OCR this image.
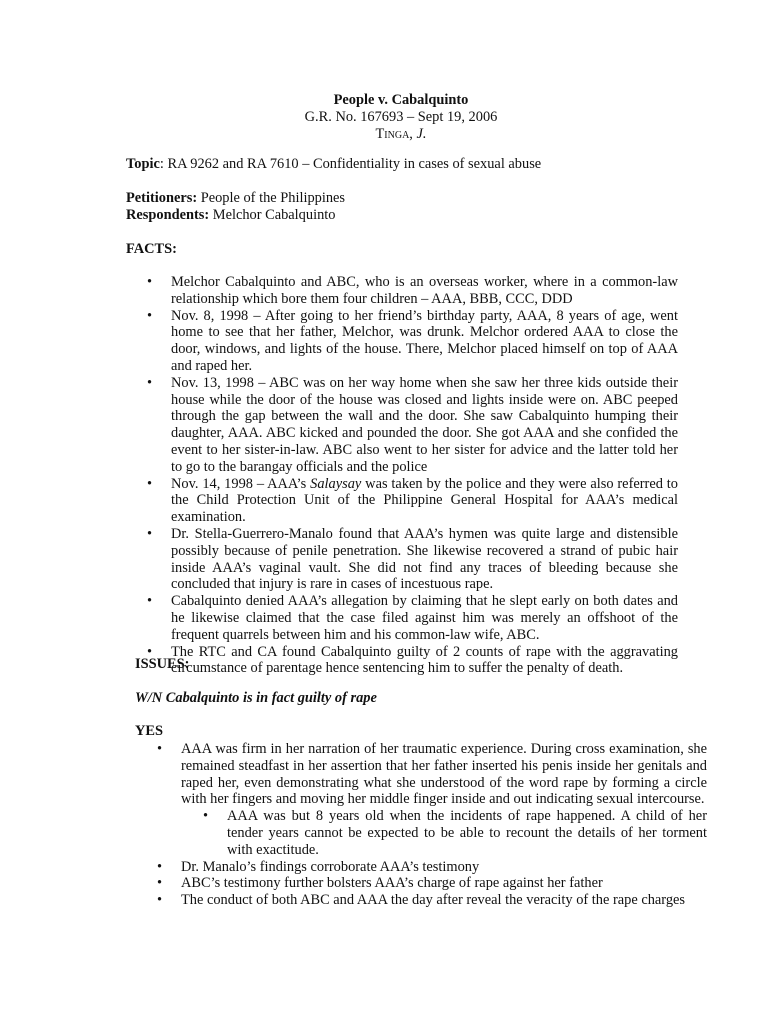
People v. Cabalquinto
G.R. No. 167693 – Sept 19, 2006
Tinga, J.
Topic: RA 9262 and RA 7610 – Confidentiality in cases of sexual abuse
Petitioners: People of the Philippines
Respondents: Melchor Cabalquinto
FACTS:
• Melchor Cabalquinto and ABC, who is an overseas worker, where in a common-law relationship which bore them four children – AAA, BBB, CCC, DDD
• Nov. 8, 1998 – After going to her friend’s birthday party, AAA, 8 years of age, went home to see that her father, Melchor, was drunk. Melchor ordered AAA to close the door, windows, and lights of the house. There, Melchor placed himself on top of AAA and raped her.
• Nov. 13, 1998 – ABC was on her way home when she saw her three kids outside their house while the door of the house was closed and lights inside were on. ABC peeped through the gap between the wall and the door. She saw Cabalquinto humping their daughter, AAA. ABC kicked and pounded the door. She got AAA and she confided the event to her sister-in-law. ABC also went to her sister for advice and the latter told her to go to the barangay officials and the police
• Nov. 14, 1998 – AAA’s Salaysay was taken by the police and they were also referred to the Child Protection Unit of the Philippine General Hospital for AAA’s medical examination.
• Dr. Stella-Guerrero-Manalo found that AAA’s hymen was quite large and distensible possibly because of penile penetration. She likewise recovered a strand of pubic hair inside AAA’s vaginal vault. She did not find any traces of bleeding because she concluded that injury is rare in cases of incestuous rape.
• Cabalquinto denied AAA’s allegation by claiming that he slept early on both dates and he likewise claimed that the case filed against him was merely an offshoot of the frequent quarrels between him and his common-law wife, ABC.
• The RTC and CA found Cabalquinto guilty of 2 counts of rape with the aggravating circumstance of parentage hence sentencing him to suffer the penalty of death.
ISSUES:
W/N Cabalquinto is in fact guilty of rape
YES
• AAA was firm in her narration of her traumatic experience. During cross examination, she remained steadfast in her assertion that her father inserted his penis inside her genitals and raped her, even demonstrating what she understood of the word rape by forming a circle with her fingers and moving her middle finger inside and out indicating sexual intercourse.
• AAA was but 8 years old when the incidents of rape happened. A child of her tender years cannot be expected to be able to recount the details of her torment with exactitude.
• Dr. Manalo’s findings corroborate AAA’s testimony
• ABC’s testimony further bolsters AAA’s charge of rape against her father
• The conduct of both ABC and AAA the day after reveal the veracity of the rape charges
